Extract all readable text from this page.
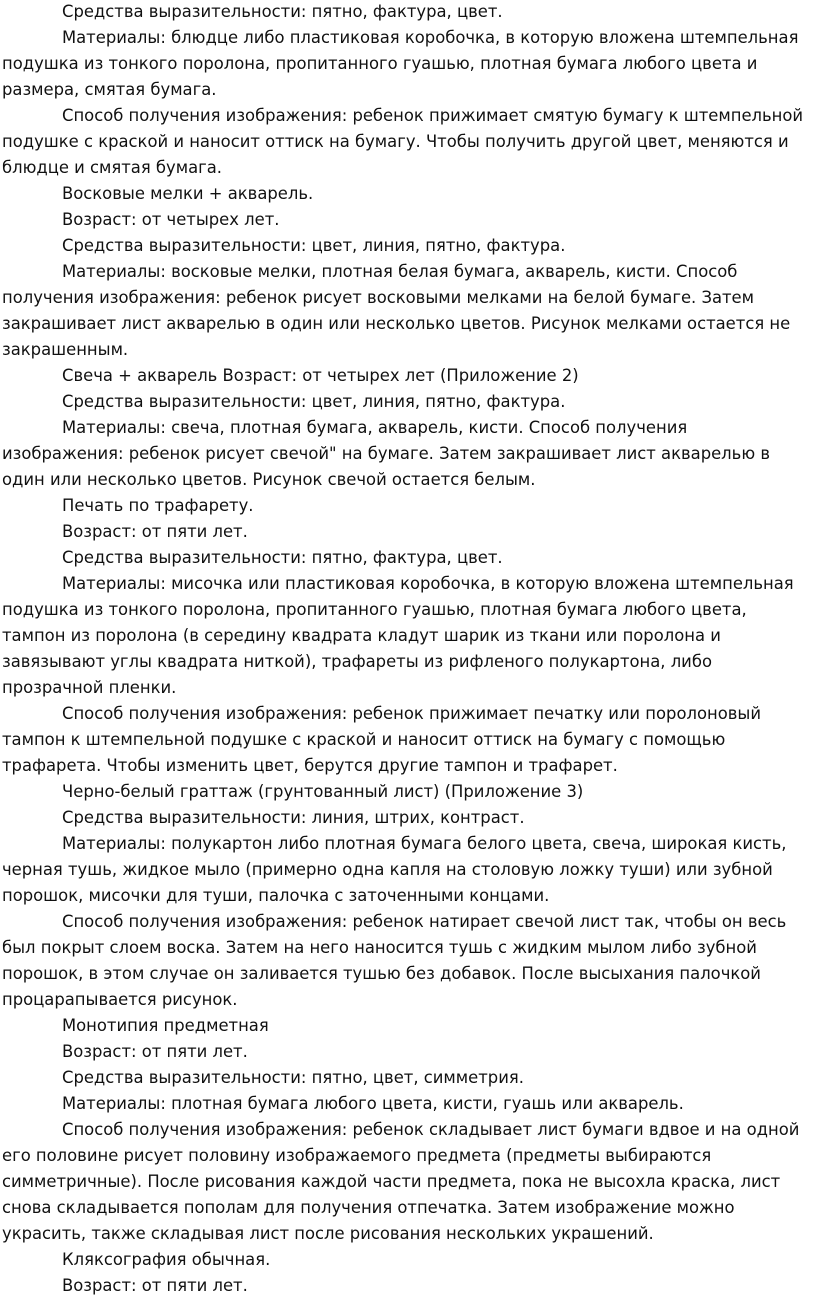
Средства выразительности: пятно, фактура, цвет.

Материалы: блюдце либо пластиковая коробочка, в которую вложена штемпельная подушка из тонкого поролона, пропитанного гуашью, плотная бумага любого цвета и размера, смятая бумага.

Способ получения изображения: ребенок прижимает смятую бумагу к штемпельной подушке с краской и наносит оттиск на бумагу. Чтобы получить другой цвет, меняются и блюдце и смятая бумага.

Восковые мелки + акварель.

Возраст: от четырех лет.

Средства выразительности: цвет, линия, пятно, фактура.

Материалы: восковые мелки, плотная белая бумага, акварель, кисти. Способ получения изображения: ребенок рисует восковыми мелками на белой бумаге. Затем закрашивает лист акварелью в один или несколько цветов. Рисунок мелками остается не закрашенным.

Свеча + акварель Возраст: от четырех лет (Приложение 2)

Средства выразительности: цвет, линия, пятно, фактура.

Материалы: свеча, плотная бумага, акварель, кисти. Способ получения изображения: ребенок рисует свечой" на бумаге. Затем закрашивает лист акварелью в один или несколько цветов. Рисунок свечой остается белым.

Печать по трафарету.

Возраст: от пяти лет.

Средства выразительности: пятно, фактура, цвет.

Материалы: мисочка или пластиковая коробочка, в которую вложена штемпельная подушка из тонкого поролона, пропитанного гуашью, плотная бумага любого цвета, тампон из поролона (в середину квадрата кладут шарик из ткани или поролона и завязывают углы квадрата ниткой), трафареты из рифленого полукартона, либо прозрачной пленки.

Способ получения изображения: ребенок прижимает печатку или поролоновый тампон к штемпельной подушке с краской и наносит оттиск на бумагу с помощью трафарета. Чтобы изменить цвет, берутся другие тампон и трафарет.

Черно-белый граттаж (грунтованный лист) (Приложение 3)

Средства выразительности: линия, штрих, контраст.

Материалы: полукартон либо плотная бумага белого цвета, свеча, широкая кисть, черная тушь, жидкое мыло (примерно одна капля на столовую ложку туши) или зубной порошок, мисочки для туши, палочка с заточенными концами.

Способ получения изображения: ребенок натирает свечой лист так, чтобы он весь был покрыт слоем воска. Затем на него наносится тушь с жидким мылом либо зубной порошок, в этом случае он заливается тушью без добавок. После высыхания палочкой процарапывается рисунок.

Монотипия предметная

Возраст: от пяти лет.

Средства выразительности: пятно, цвет, симметрия.

Материалы: плотная бумага любого цвета, кисти, гуашь или акварель.

Способ получения изображения: ребенок складывает лист бумаги вдвое и на одной его половине рисует половину изображаемого предмета (предметы выбираются симметричные). После рисования каждой части предмета, пока не высохла краска, лист снова складывается пополам для получения отпечатка. Затем изображение можно украсить, также складывая лист после рисования нескольких украшений.

Кляксография обычная.

Возраст: от пяти лет.
